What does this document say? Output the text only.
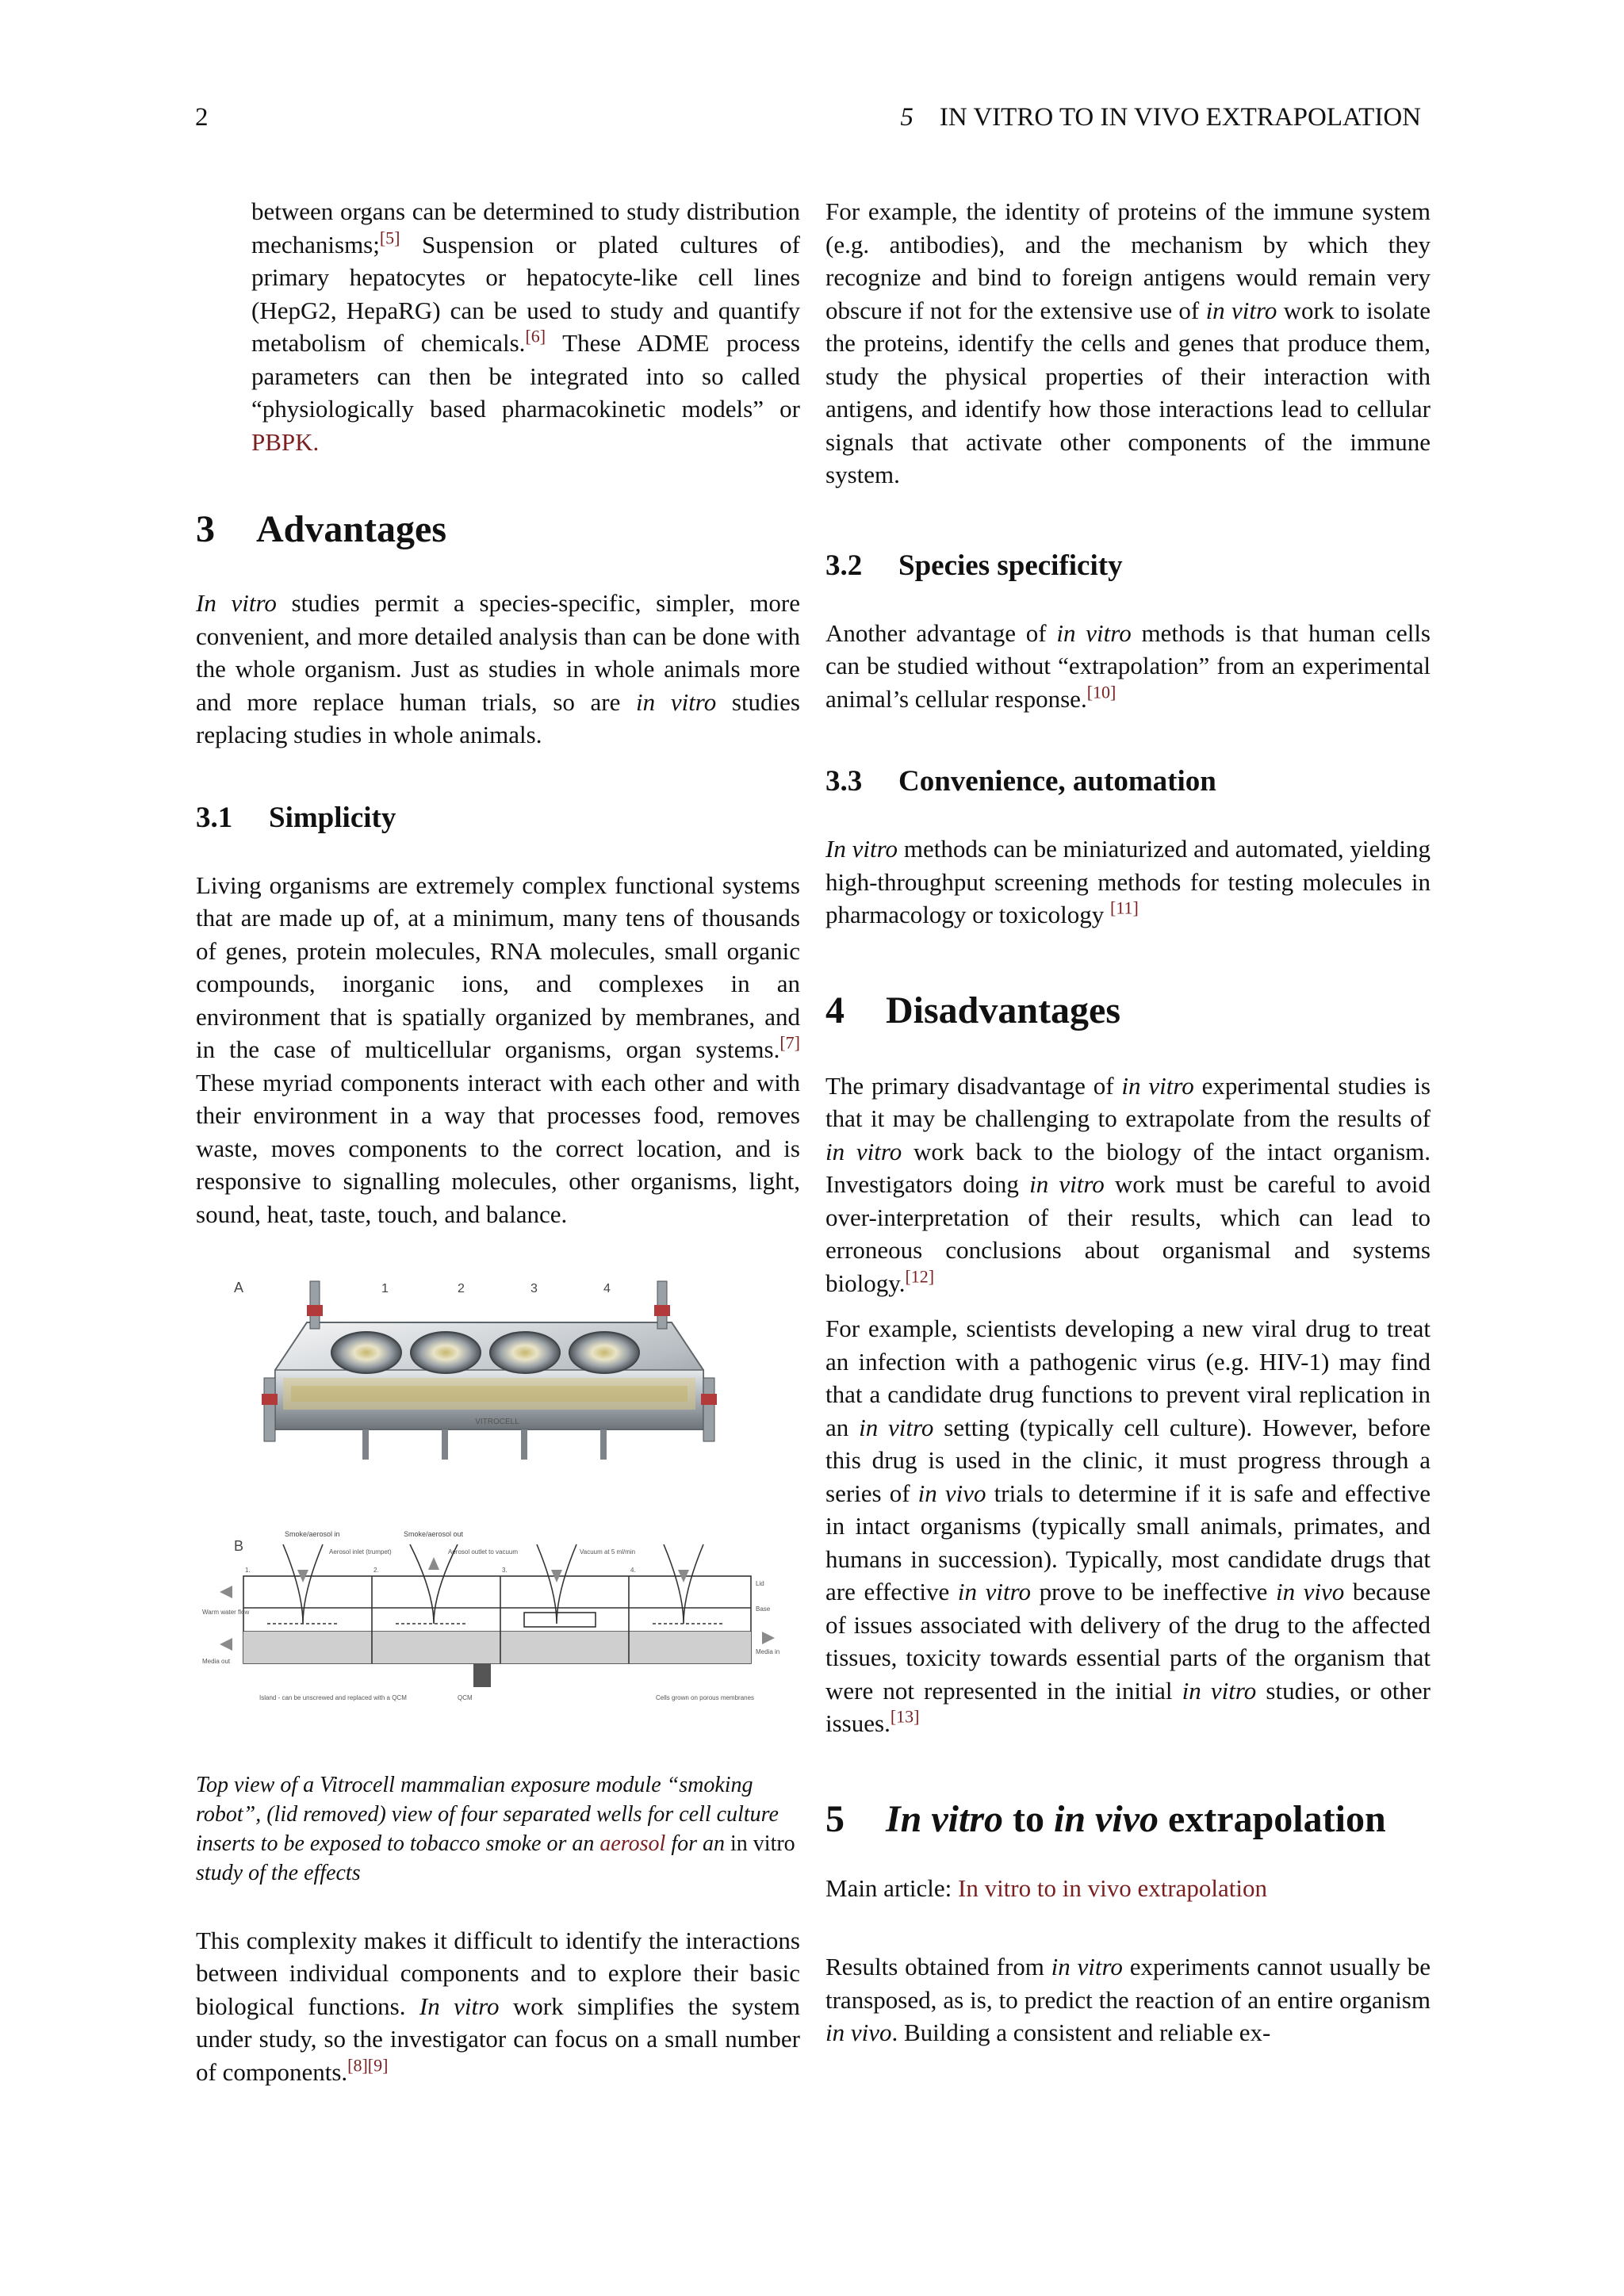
2	5 IN VITRO TO IN VIVO EXTRAPOLATION

between organs can be determined to study distribution mechanisms;[5] Suspension or plated cultures of primary hepatocytes or hepatocyte-like cell lines (HepG2, HepaRG) can be used to study and quantify metabolism of chemicals.[6] These ADME process parameters can then be integrated into so called “physiologically based pharmacokinetic models” or PBPK.

3 Advantages

In vitro studies permit a species-specific, simpler, more convenient, and more detailed analysis than can be done with the whole organism. Just as studies in whole animals more and more replace human trials, so are in vitro studies replacing studies in whole animals.

3.1 Simplicity

Living organisms are extremely complex functional systems that are made up of, at a minimum, many tens of thousands of genes, protein molecules, RNA molecules, small organic compounds, inorganic ions, and complexes in an environment that is spatially organized by membranes, and in the case of multicellular organisms, organ systems.[7] These myriad components interact with each other and with their environment in a way that processes food, removes waste, moves components to the correct location, and is responsive to signalling molecules, other organisms, light, sound, heat, taste, touch, and balance.

A	1	2	3	4
VITROCELL
B
Smoke/aerosol in	Smoke/aerosol out
Aerosol inlet (trumpet)	Aerosol outlet to vacuum	Vacuum at 5 ml/min
1.	2.	3.	4.
Warm water flow
Media out
Media in
Lid
Base
QCM
Island - can be unscrewed and replaced with a QCM	Cells grown on porous membranes

Top view of a Vitrocell mammalian exposure module “smoking robot”, (lid removed) view of four separated wells for cell culture inserts to be exposed to tobacco smoke or an aerosol for an in vitro study of the effects

This complexity makes it difficult to identify the interactions between individual components and to explore their basic biological functions. In vitro work simplifies the system under study, so the investigator can focus on a small number of components.[8][9]

For example, the identity of proteins of the immune system (e.g. antibodies), and the mechanism by which they recognize and bind to foreign antigens would remain very obscure if not for the extensive use of in vitro work to isolate the proteins, identify the cells and genes that produce them, study the physical properties of their interaction with antigens, and identify how those interactions lead to cellular signals that activate other components of the immune system.

3.2 Species specificity

Another advantage of in vitro methods is that human cells can be studied without “extrapolation” from an experimental animal’s cellular response.[10]

3.3 Convenience, automation

In vitro methods can be miniaturized and automated, yielding high-throughput screening methods for testing molecules in pharmacology or toxicology [11]

4 Disadvantages

The primary disadvantage of in vitro experimental studies is that it may be challenging to extrapolate from the results of in vitro work back to the biology of the intact organism. Investigators doing in vitro work must be careful to avoid over-interpretation of their results, which can lead to erroneous conclusions about organismal and systems biology.[12]

For example, scientists developing a new viral drug to treat an infection with a pathogenic virus (e.g. HIV-1) may find that a candidate drug functions to prevent viral replication in an in vitro setting (typically cell culture). However, before this drug is used in the clinic, it must progress through a series of in vivo trials to determine if it is safe and effective in intact organisms (typically small animals, primates, and humans in succession). Typically, most candidate drugs that are effective in vitro prove to be ineffective in vivo because of issues associated with delivery of the drug to the affected tissues, toxicity towards essential parts of the organism that were not represented in the initial in vitro studies, or other issues.[13]

5 In vitro to in vivo extrapolation

Main article: In vitro to in vivo extrapolation

Results obtained from in vitro experiments cannot usually be transposed, as is, to predict the reaction of an entire organism in vivo. Building a consistent and reliable ex-
